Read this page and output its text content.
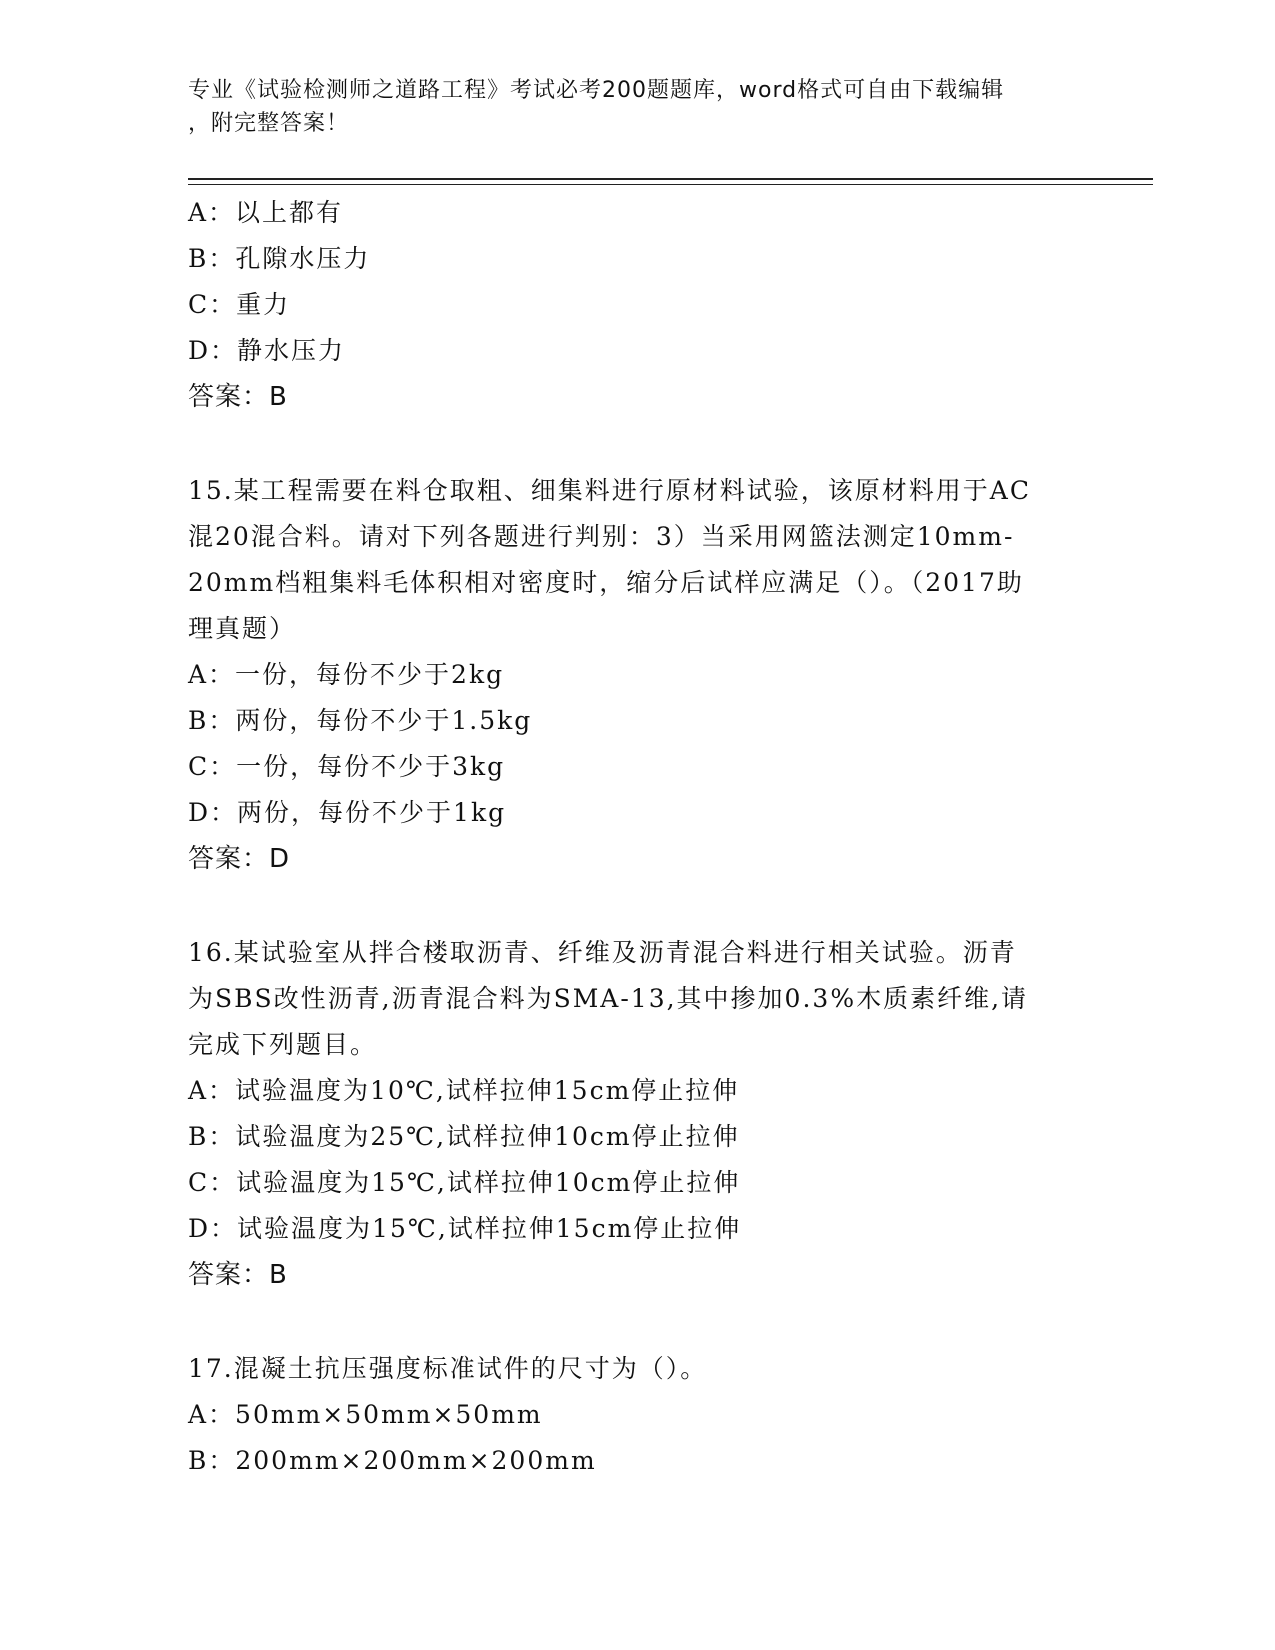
专业《试验检测师之道路工程》考试必考200题题库，word格式可自由下载编辑
，附完整答案！
A：以上都有
B：孔隙水压力
C：重力
D：静水压力
答案：B
15.某工程需要在料仓取粗、细集料进行原材料试验，该原材料用于AC
混20混合料。请对下列各题进行判别：3）当采用网篮法测定10mm-
20mm档粗集料毛体积相对密度时，缩分后试样应满足（）。（2017助
理真题）
A：一份，每份不少于2kg
B：两份，每份不少于1.5kg
C：一份，每份不少于3kg
D：两份，每份不少于1kg
答案：D
16.某试验室从拌合楼取沥青、纤维及沥青混合料进行相关试验。沥青
为SBS改性沥青,沥青混合料为SMA-13,其中掺加0.3%木质素纤维,请
完成下列题目。
A：试验温度为10℃,试样拉伸15cm停止拉伸
B：试验温度为25℃,试样拉伸10cm停止拉伸
C：试验温度为15℃,试样拉伸10cm停止拉伸
D：试验温度为15℃,试样拉伸15cm停止拉伸
答案：B
17.混凝土抗压强度标准试件的尺寸为（）。
A：50mm×50mm×50mm
B：200mm×200mm×200mm
